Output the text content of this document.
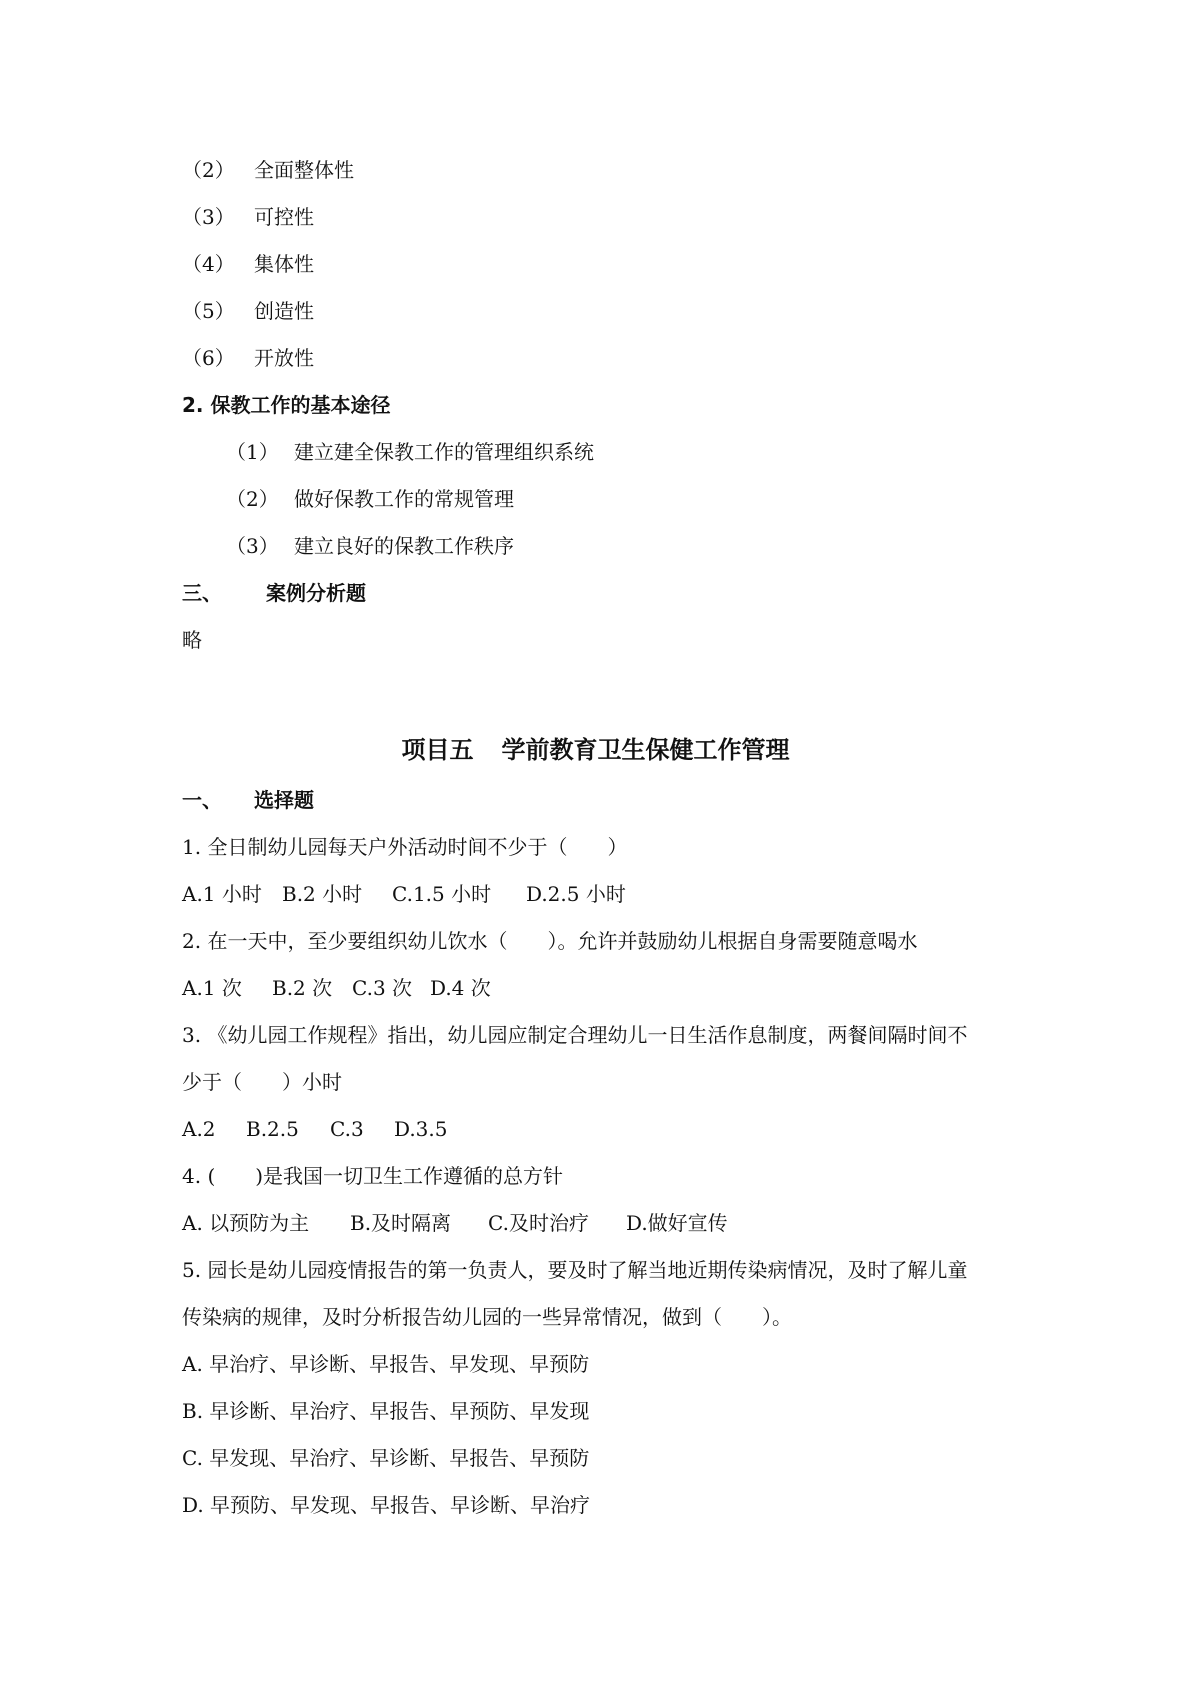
（2） 全面整体性
（3） 可控性
（4） 集体性
（5） 创造性
（6） 开放性
2. 保教工作的基本途径
（1） 建立建全保教工作的管理组织系统
（2） 做好保教工作的常规管理
（3） 建立良好的保教工作秩序
三、 案例分析题
略
项目五 学前教育卫生保健工作管理
一、 选择题
1. 全日制幼儿园每天户外活动时间不少于（　　）
A.1 小时 B.2 小时 C.1.5 小时 D.2.5 小时
2. 在一天中，至少要组织幼儿饮水（　　）。允许并鼓励幼儿根据自身需要随意喝水
A.1 次 B.2 次 C.3 次 D.4 次
3. 《幼儿园工作规程》指出，幼儿园应制定合理幼儿一日生活作息制度，两餐间隔时间不
少于（　　）小时
A.2 B.2.5 C.3 D.3.5
4. (　　)是我国一切卫生工作遵循的总方针
A. 以预防为主 B.及时隔离 C.及时治疗 D.做好宣传
5. 园长是幼儿园疫情报告的第一负责人，要及时了解当地近期传染病情况，及时了解儿童
传染病的规律，及时分析报告幼儿园的一些异常情况，做到（　　）。
A. 早治疗、早诊断、早报告、早发现、早预防
B. 早诊断、早治疗、早报告、早预防、早发现
C. 早发现、早治疗、早诊断、早报告、早预防
D. 早预防、早发现、早报告、早诊断、早治疗
